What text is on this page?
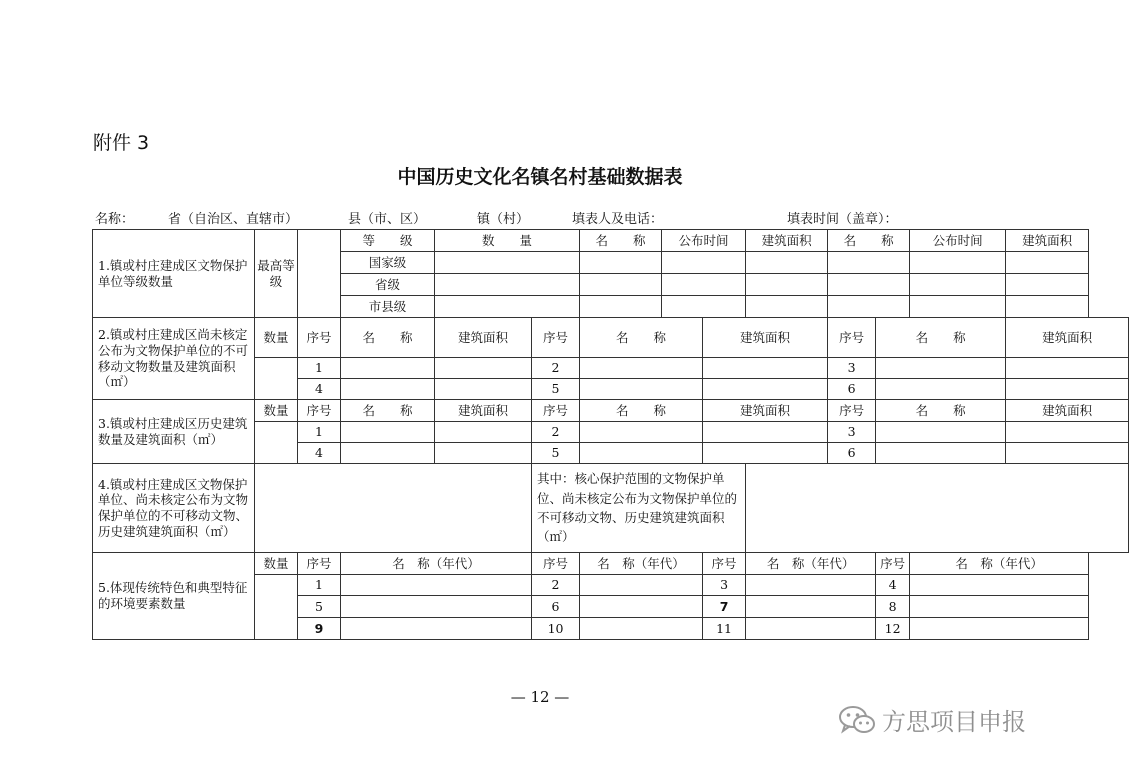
附件 3
中国历史文化名镇名村基础数据表
名称：	省（自治区、直辖市）	县（市、区）	镇（村）	填表人及电话：	填表时间（盖章）：
1.镇或村庄建成区文物保护单位等级数量	最高等级		等　　级	数　　量		名　　称	公布时间		建筑面积	名　　称		公布时间	建筑面积
			国家级										
			省级										
			市县级										
2.镇或村庄建成区尚未核定公布为文物保护单位的不可移动文物数量及建筑面积（㎡）	数量	序号	名　　称	建筑面积	序号	名　　称		建筑面积		序号	名　　称		建筑面积
		1			2					3			
		4			5					6			
3.镇或村庄建成区历史建筑数量及建筑面积（㎡）	数量	序号	名　　称	建筑面积	序号	名　　称		建筑面积		序号	名　　称		建筑面积
		1			2					3			
		4			5					6			
4.镇或村庄建成区文物保护单位、尚未核定公布为文物保护单位的不可移动文物、历史建筑建筑面积（㎡）					其中：核心保护范围的文物保护单位、尚未核定公布为文物保护单位的不可移动文物、历史建筑建筑面积（㎡）								
5.体现传统特色和典型特征的环境要素数量	数量	序号	名　称（年代）		序号	名　称（年代）		序号	名　称（年代）		序号	名　称（年代）	
		1			2			3			4		
		5			6			7			8		
		9			10			11			12		
— 12 —
方思项目申报
